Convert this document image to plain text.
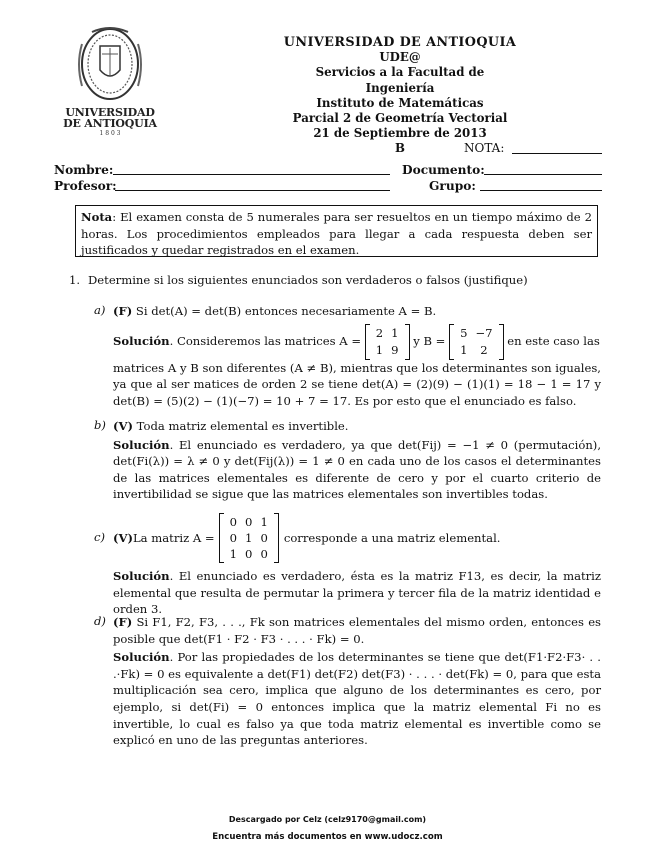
UNIVERSIDAD
DE ANTIOQUIA
1 8 0 3
UNIVERSIDAD DE ANTIOQUIA
UDE@
Servicios a la Facultad de Ingeniería
Instituto de Matemáticas
Parcial 2 de Geometría Vectorial
21 de Septiembre de 2013
B	NOTA:
Nombre:	Documento:
Profesor:	Grupo:
Nota: El examen consta de 5 numerales para ser resueltos en un tiempo máximo de 2 horas. Los procedimientos empleados para llegar a cada respuesta deben ser justificados y quedar registrados en el examen.
1. Determine si los siguientes enunciados son verdaderos o falsos (justifique)
a) (F) Si det(A) = det(B) entonces necesariamente A = B.
Solución. Consideremos las matrices A =
2	1
1	9
y B =
5	−7
1	2
en este caso las
matrices A y B son diferentes (A ≠ B), mientras que los determinantes son iguales, ya que al ser matices de orden 2 se tiene det(A) = (2)(9) − (1)(1) = 18 − 1 = 17 y det(B) = (5)(2) − (1)(−7) = 10 + 7 = 17. Es por esto que el enunciado es falso.
b) (V) Toda matriz elemental es invertible.
Solución. El enunciado es verdadero, ya que det(Fij) = −1 ≠ 0 (permutación), det(Fi(λ)) = λ ≠ 0 y det(Fij(λ)) = 1 ≠ 0 en cada uno de los casos el determinantes de las matrices elementales es diferente de cero y por el cuarto criterio de invertibilidad se sigue que las matrices elementales son invertibles todas.
c) (V) La matriz A =
0	0	1
0	1	0
1	0	0
corresponde a una matriz elemental.
Solución. El enunciado es verdadero, ésta es la matriz F13, es decir, la matriz elemental que resulta de permutar la primera y tercer fila de la matriz identidad e orden 3.
d) (F) Si F1, F2, F3, . . ., Fk son matrices elementales del mismo orden, entonces es posible que det(F1 · F2 · F3 · . . . · Fk) = 0.
Solución. Por las propiedades de los determinantes se tiene que det(F1·F2·F3· . . .·Fk) = 0 es equivalente a det(F1) det(F2) det(F3) · . . . · det(Fk) = 0, para que esta multiplicación sea cero, implica que alguno de los determinantes es cero, por ejemplo, si det(Fi) = 0 entonces implica que la matriz elemental Fi no es invertible, lo cual es falso ya que toda matriz elemental es invertible como se explicó en uno de las preguntas anteriores.
Descargado por Celz (celz9170@gmail.com)
Encuentra más documentos en www.udocz.com
